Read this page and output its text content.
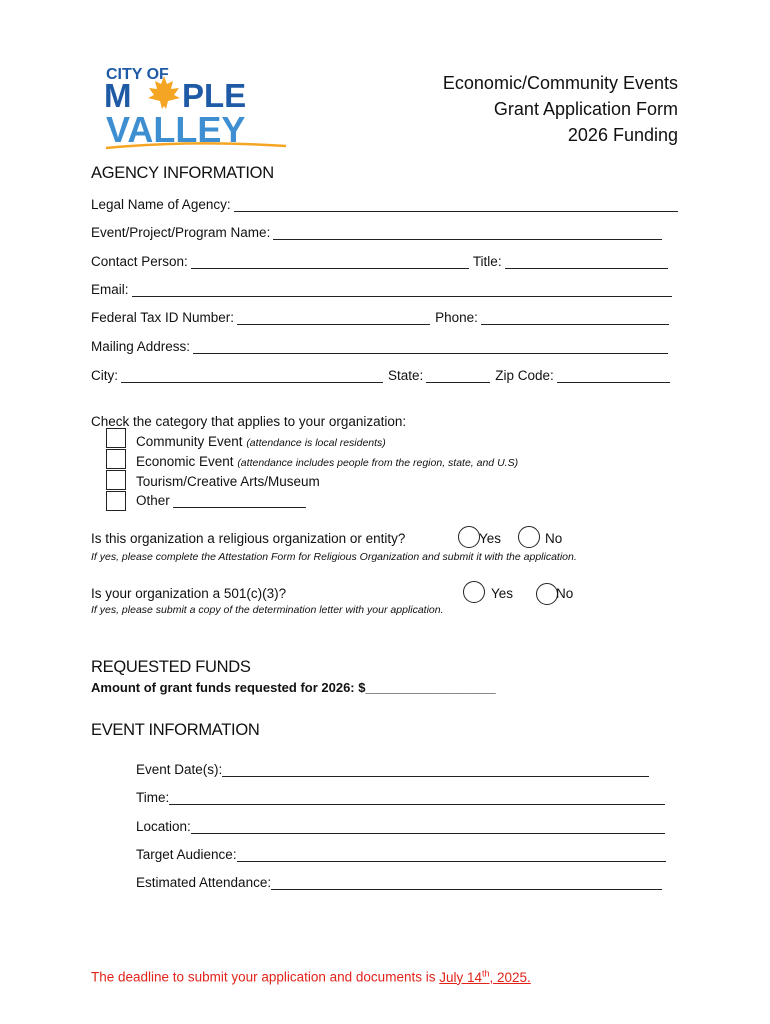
CITY OF
M PLE
VALLEY
Economic/Community Events
Grant Application Form
2026 Funding
AGENCY INFORMATION
Legal Name of Agency:
Event/Project/Program Name:
Contact Person:	Title:
Email:
Federal Tax ID Number:	Phone:
Mailing Address:
City:	State:	Zip Code:
Check the category that applies to your organization:
Community Event (attendance is local residents)
Economic Event (attendance includes people from the region, state, and U.S)
Tourism/Creative Arts/Museum
Other
Is this organization a religious organization or entity?	Yes	No
If yes, please complete the Attestation Form for Religious Organization and submit it with the application.
Is your organization a 501(c)(3)?	Yes	No
If yes, please submit a copy of the determination letter with your application.
REQUESTED FUNDS
Amount of grant funds requested for 2026: $__________________
EVENT INFORMATION
Event Date(s):
Time:
Location:
Target Audience:
Estimated Attendance:
The deadline to submit your application and documents is July 14th, 2025.
